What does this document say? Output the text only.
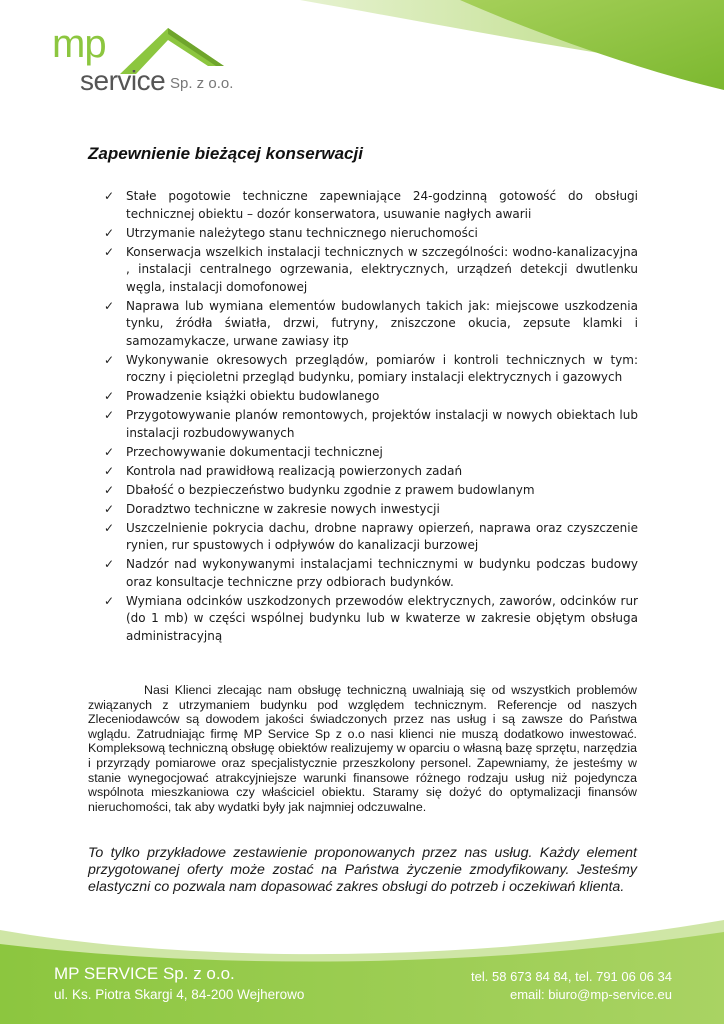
mp
service Sp. z o.o.
Zapewnienie bieżącej konserwacji
✓ Stałe pogotowie techniczne zapewniające 24-godzinną gotowość do obsługi technicznej obiektu – dozór konserwatora, usuwanie nagłych awarii
✓ Utrzymanie należytego stanu technicznego nieruchomości
✓ Konserwacja wszelkich instalacji technicznych w szczególności: wodno-kanalizacyjna , instalacji centralnego ogrzewania, elektrycznych, urządzeń detekcji dwutlenku węgla, instalacji domofonowej
✓ Naprawa lub wymiana elementów budowlanych takich jak: miejscowe uszkodzenia tynku, źródła światła, drzwi, futryny, zniszczone okucia, zepsute klamki i samozamykacze, urwane zawiasy itp
✓ Wykonywanie okresowych przeglądów, pomiarów i kontroli technicznych w tym: roczny i pięcioletni przegląd budynku, pomiary instalacji elektrycznych i gazowych
✓ Prowadzenie książki obiektu budowlanego
✓ Przygotowywanie planów remontowych, projektów instalacji w nowych obiektach lub instalacji rozbudowywanych
✓ Przechowywanie dokumentacji technicznej
✓ Kontrola nad prawidłową realizacją powierzonych zadań
✓ Dbałość o bezpieczeństwo budynku zgodnie z prawem budowlanym
✓ Doradztwo techniczne w zakresie nowych inwestycji
✓ Uszczelnienie pokrycia dachu, drobne naprawy opierzeń, naprawa oraz czyszczenie rynien, rur spustowych i odpływów do kanalizacji burzowej
✓ Nadzór nad wykonywanymi instalacjami technicznymi w budynku podczas budowy oraz konsultacje techniczne przy odbiorach budynków.
✓ Wymiana odcinków uszkodzonych przewodów elektrycznych, zaworów, odcinków rur (do 1 mb) w części wspólnej budynku lub w kwaterze w zakresie objętym obsługa administracyjną

Nasi Klienci zlecając nam obsługę techniczną uwalniają się od wszystkich problemów związanych z utrzymaniem budynku pod względem technicznym. Referencje od naszych Zleceniodawców są dowodem jakości świadczonych przez nas usług i są zawsze do Państwa wglądu. Zatrudniając firmę MP Service Sp z o.o nasi klienci nie muszą dodatkowo inwestować. Kompleksową techniczną obsługę obiektów realizujemy w oparciu o własną bazę sprzętu, narzędzia i przyrządy pomiarowe oraz specjalistycznie przeszkolony personel. Zapewniamy, że jesteśmy w stanie wynegocjować atrakcyjniejsze warunki finansowe różnego rodzaju usług niż pojedyncza wspólnota mieszkaniowa czy właściciel obiektu. Staramy się dożyć do optymalizacji finansów nieruchomości, tak aby wydatki były jak najmniej odczuwalne.

To tylko przykładowe zestawienie proponowanych przez nas usług. Każdy element przygotowanej oferty może zostać na Państwa życzenie zmodyfikowany. Jesteśmy elastyczni co pozwala nam dopasować zakres obsługi do potrzeb i oczekiwań klienta.

MP SERVICE Sp. z o.o.
ul. Ks. Piotra Skargi 4, 84-200 Wejherowo
tel. 58 673 84 84, tel. 791 06 06 34
email: biuro@mp-service.eu
